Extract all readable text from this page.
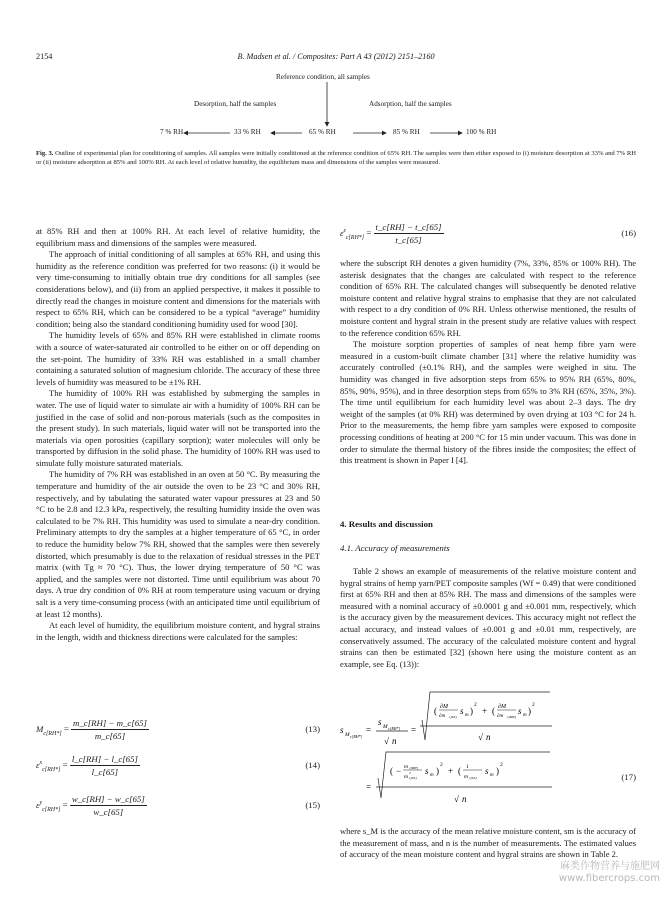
2154	B. Madsen et al. / Composites: Part A 43 (2012) 2151–2160
Reference condition, all samples
Desorption, half the samples	Adsorption, half the samples
7 % RH	33 % RH	65 % RH	85 % RH	100 % RH
Fig. 3. Outline of experimental plan for conditioning of samples. All samples were initially conditioned at the reference condition of 65% RH. The samples were then either exposed to (i) moisture desorption at 33% and 7% RH or (ii) moisture adsorption at 85% and 100% RH. At each level of relative humidity, the equilibrium mass and dimensions of the samples were measured.

at 85% RH and then at 100% RH. At each level of relative humidity, the equilibrium mass and dimensions of the samples were measured.

The approach of initial conditioning of all samples at 65% RH, and using this humidity as the reference condition was preferred for two reasons: (i) it would be very time-consuming to initially obtain true dry conditions for all samples (see considerations below), and (ii) from an applied perspective, it makes it possible to directly read the changes in moisture content and dimensions for the materials with respect to 65% RH, which can be considered to be a typical “average” humidity condition; being also the standard conditioning humidity used for wood [30].

The humidity levels of 65% and 85% RH were established in climate rooms with a source of water-saturated air controlled to be either on or off depending on the set-point. The humidity of 33% RH was established in a small chamber containing a saturated solution of magnesium chloride. The accuracy of these three levels of humidity was measured to be ±1% RH.

The humidity of 100% RH was established by submerging the samples in water. The use of liquid water to simulate air with a humidity of 100% RH can be justified in the case of solid and non-porous materials (such as the composites in the present study). In such materials, liquid water will not be transported into the materials via open porosities (capillary sorption); water molecules will only be transported by diffusion in the solid phase. The humidity of 100% RH was used to simulate fully moisture saturated materials.

The humidity of 7% RH was established in an oven at 50 °C. By measuring the temperature and humidity of the air outside the oven to be 23 °C and 30% RH, respectively, and by tabulating the saturated water vapour pressures at 23 and 50 °C to be 2.8 and 12.3 kPa, respectively, the resulting humidity inside the oven was calculated to be 7% RH. This humidity was used to simulate a near-dry condition. Preliminary attempts to dry the samples at a higher temperature of 65 °C, in order to reduce the humidity below 7% RH, showed that the samples were then severely distorted, which presumably is due to the relaxation of residual stresses in the PET matrix (with Tg ≈ 70 °C). Thus, the lower drying temperature of 50 °C was applied, and the samples were not distorted. Time until equilibrium was about 70 days. A true dry condition of 0% RH at room temperature using vacuum or drying salt is a very time-consuming process (with an anticipated time until equilibrium of at least 12 months).

At each level of humidity, the equilibrium moisture content, and hygral strains in the length, width and thickness directions were calculated for the samples:

$M_{c[RH*]} = \frac{m\_c[RH] - m\_c[65]}{m\_c[65]}$	(13)
$\varepsilon^x_{c[RH*]} = \frac{l\_c[RH] - l\_c[65]}{l\_c[65]}$	(14)
$\varepsilon^y_{c[RH*]} = \frac{w\_c[RH] - w\_c[65]}{w\_c[65]}$	(15)
$\varepsilon^z_{c[RH*]} = \frac{t\_c[RH] - t\_c[65]}{t\_c[65]}$	(16)

where the subscript RH denotes a given humidity (7%, 33%, 85% or 100% RH). The asterisk designates that the changes are calculated with respect to the reference condition of 65% RH. The calculated changes will subsequently be denoted relative moisture content and relative hygral strains to emphasise that they are not calculated with respect to a dry condition of 0% RH. Unless otherwise mentioned, the results of moisture content and hygral strain in the present study are relative values with respect to the reference condition 65% RH.

The moisture sorption properties of samples of neat hemp fibre yarn were measured in a custom-built climate chamber [31] where the relative humidity was accurately controlled (±0.1% RH), and the samples were weighed in situ. The humidity was changed in five adsorption steps from 65% to 95% RH (65%, 80%, 85%, 90%, 95%), and in three desorption steps from 65% to 3% RH (65%, 35%, 3%). The time until equilibrium for each humidity level was about 2–3 days. The dry weight of the samples (at 0% RH) was determined by oven drying at 103 °C for 24 h. Prior to the measurements, the hemp fibre yarn samples were exposed to composite processing conditions of heating at 200 °C for 15 min under vacuum. This was done in order to simulate the thermal history of the fibres inside the composites; the effect of this treatment is shown in Paper I [4].

4. Results and discussion

4.1. Accuracy of measurements

Table 2 shows an example of measurements of the relative moisture content and hygral strains of hemp yarn/PET composite samples (Wf = 0.49) that were conditioned first at 65% RH and then at 85% RH. The mass and dimensions of the samples were measured with a nominal accuracy of ±0.0001 g and ±0.001 mm, respectively, which is the accuracy given by the measurement devices. This accuracy might not reflect the actual accuracy, and instead values of ±0.001 g and ±0.01 mm, respectively, are conservatively assumed. The accuracy of the calculated moisture content and hygral strains can then be estimated [32] (shown here using the moisture content as an example, see Eq. (13)):

s M c[RH*]
=
s M c[RH*]
√ n
=
( ∂M
∂m c[65]
s m )
2
+ ( ∂M
∂m c[RH]
s m )
2
√ n
=
( − m c[RH]
m c[65]
2 s m )
2
+ ( 1
m c[65]
s m )
2
√ n
(17)

where s_M is the accuracy of the mean relative moisture content, sm is the accuracy of the measurement of mass, and n is the number of measurements. The estimated values of accuracy of the mean moisture content and hygral strains are shown in Table 2.

麻类作物营养与施肥网
www.fibercrops.com
